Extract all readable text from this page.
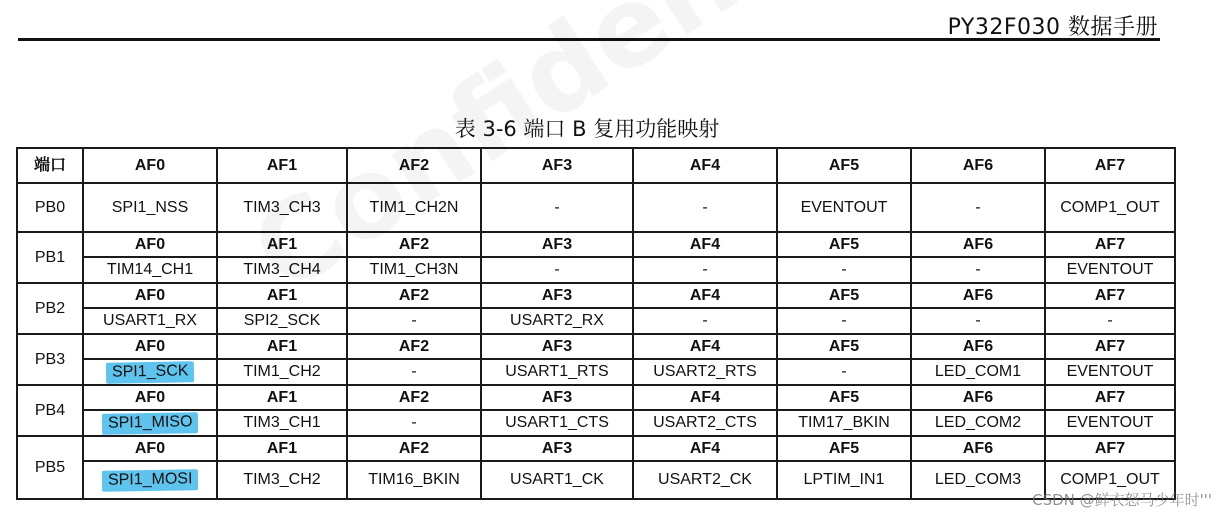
PY32F030 数据手册
表 3-6 端口 B 复用功能映射
端口	AF0	AF1	AF2	AF3	AF4	AF5	AF6	AF7
PB0	SPI1_NSS	TIM3_CH3	TIM1_CH2N	-	-	EVENTOUT	-	COMP1_OUT
PB1	AF0	AF1	AF2	AF3	AF4	AF5	AF6	AF7
	TIM14_CH1	TIM3_CH4	TIM1_CH3N	-	-	-	-	EVENTOUT
PB2	AF0	AF1	AF2	AF3	AF4	AF5	AF6	AF7
	USART1_RX	SPI2_SCK	-	USART2_RX	-	-	-	-
PB3	AF0	AF1	AF2	AF3	AF4	AF5	AF6	AF7
	SPI1_SCK	TIM1_CH2	-	USART1_RTS	USART2_RTS	-	LED_COM1	EVENTOUT
PB4	AF0	AF1	AF2	AF3	AF4	AF5	AF6	AF7
	SPI1_MISO	TIM3_CH1	-	USART1_CTS	USART2_CTS	TIM17_BKIN	LED_COM2	EVENTOUT
PB5	AF0	AF1	AF2	AF3	AF4	AF5	AF6	AF7
	SPI1_MOSI	TIM3_CH2	TIM16_BKIN	USART1_CK	USART2_CK	LPTIM_IN1	LED_COM3	COMP1_OUT
CSDN @鲜衣怒马少年时'''
